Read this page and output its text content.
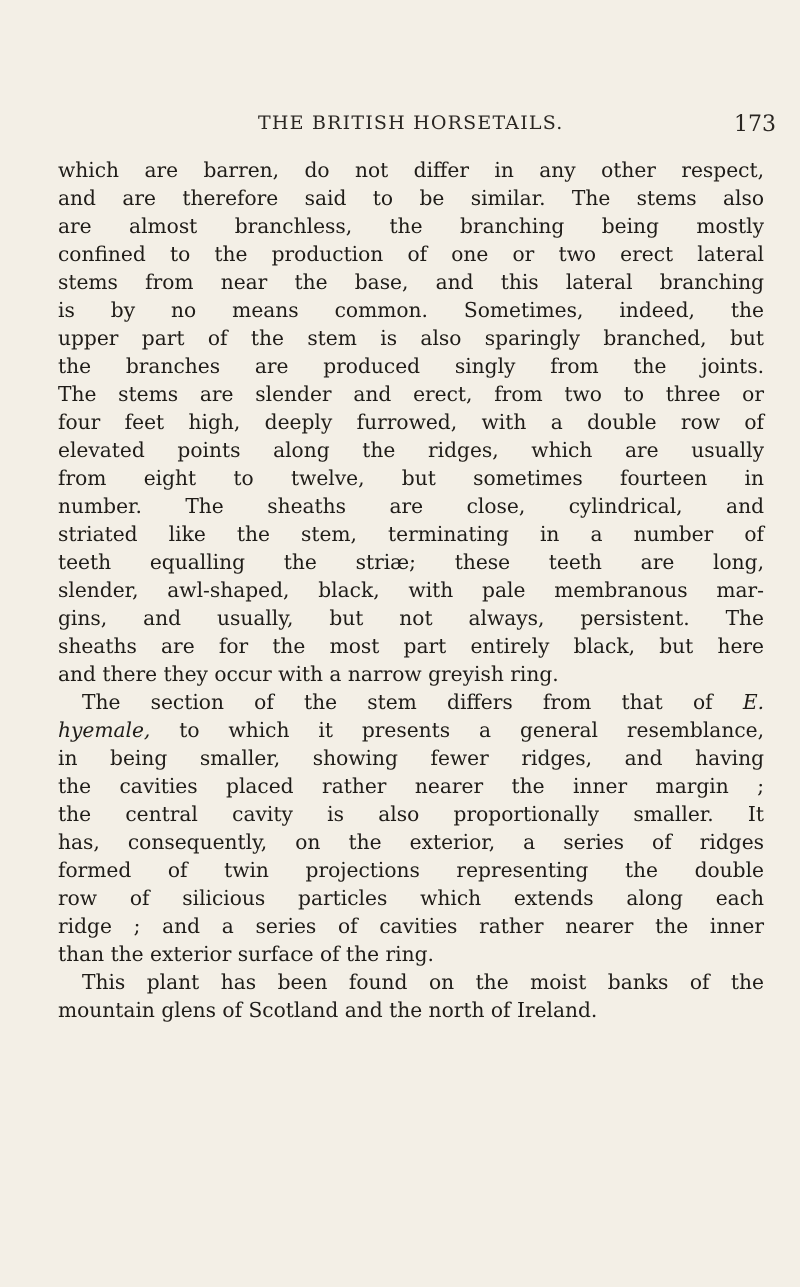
THE BRITISH HORSETAILS.	173
which are barren, do not differ in any other respect,
and are therefore said to be similar. The stems also
are almost branchless, the branching being mostly
confined to the production of one or two erect lateral
stems from near the base, and this lateral branching
is by no means common. Sometimes, indeed, the
upper part of the stem is also sparingly branched, but
the branches are produced singly from the joints.
The stems are slender and erect, from two to three or
four feet high, deeply furrowed, with a double row of
elevated points along the ridges, which are usually
from eight to twelve, but sometimes fourteen in
number. The sheaths are close, cylindrical, and
striated like the stem, terminating in a number of
teeth equalling the striæ; these teeth are long,
slender, awl-shaped, black, with pale membranous mar-
gins, and usually, but not always, persistent. The
sheaths are for the most part entirely black, but here
and there they occur with a narrow greyish ring.
The section of the stem differs from that of E.
hyemale, to which it presents a general resemblance,
in being smaller, showing fewer ridges, and having
the cavities placed rather nearer the inner margin ;
the central cavity is also proportionally smaller. It
has, consequently, on the exterior, a series of ridges
formed of twin projections representing the double
row of silicious particles which extends along each
ridge ; and a series of cavities rather nearer the inner
than the exterior surface of the ring.
This plant has been found on the moist banks of the
mountain glens of Scotland and the north of Ireland.
